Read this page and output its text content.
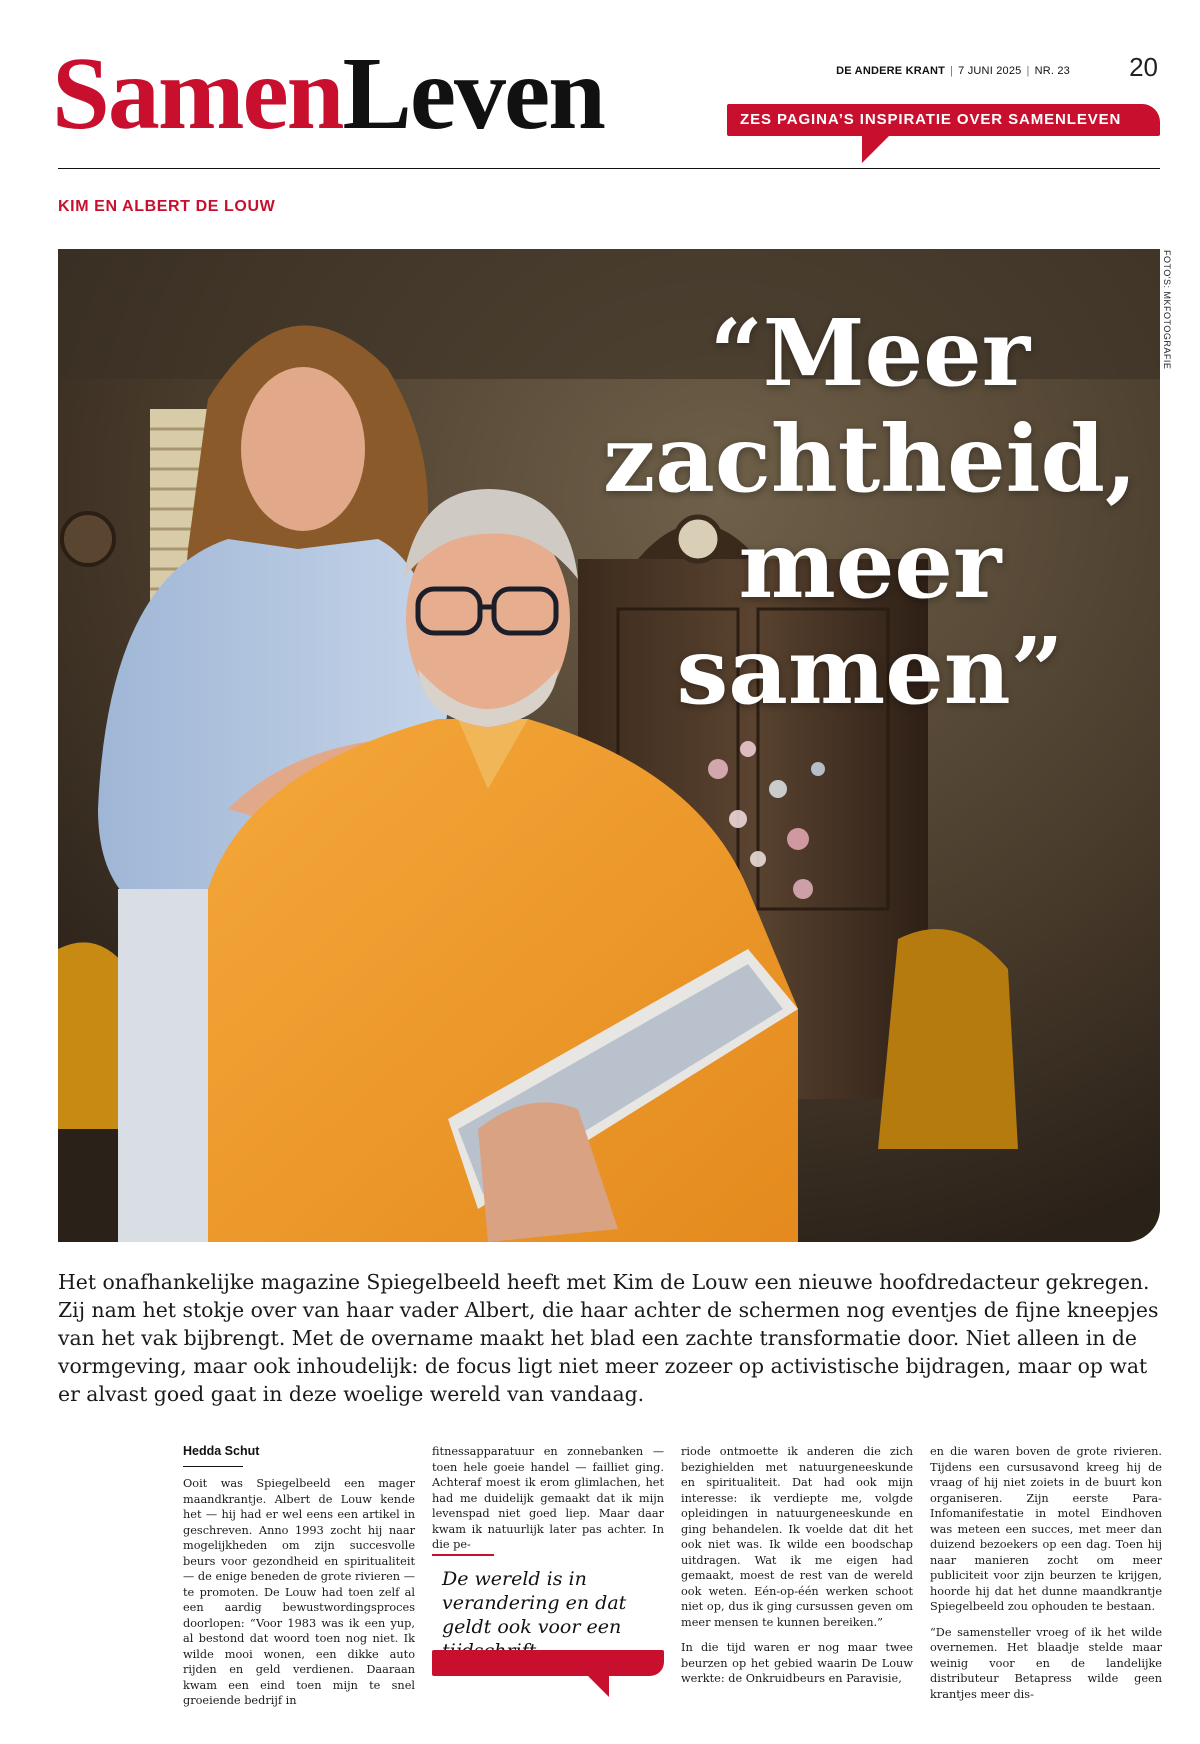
SamenLeven	DE ANDERE KRANT | 7 JUNI 2025 | NR. 23 20
ZES PAGINA’S INSPIRATIE OVER SAMENLEVEN
KIM EN ALBERT DE LOUW
FOTO'S: MKFOTOGRAFIE
“Meer
zachtheid,
meer
samen”

Het onafhankelijke magazine Spiegelbeeld heeft met Kim de Louw een nieuwe hoofdredacteur gekregen. Zij nam het stokje over van haar vader Albert, die haar achter de schermen nog eventjes de fijne kneepjes van het vak bijbrengt. Met de overname maakt het blad een zachte transformatie door. Niet alleen in de vormgeving, maar ook inhoudelijk: de focus ligt niet meer zozeer op activistische bijdragen, maar op wat er alvast goed gaat in deze woelige wereld van vandaag.

Hedda Schut

Ooit was Spiegelbeeld een mager maandkrantje. Albert de Louw kende het — hij had er wel eens een artikel in geschreven. Anno 1993 zocht hij naar mogelijkheden om zijn succesvolle beurs voor gezondheid en spiritualiteit — de enige beneden de grote rivieren — te promoten. De Louw had toen zelf al een aardig bewustwordingsproces doorlopen: “Voor 1983 was ik een yup, al bestond dat woord toen nog niet. Ik wilde mooi wonen, een dikke auto rijden en geld verdienen. Daaraan kwam een eind toen mijn te snel groeiende bedrijf in

fitnessapparatuur en zonnebanken — toen hele goeie handel — failliet ging. Achteraf moest ik erom glimlachen, het had me duidelijk gemaakt dat ik mijn levenspad niet goed liep. Maar daar kwam ik natuurlijk later pas achter. In die pe-

De wereld is in verandering en dat geldt ook voor een

riode ontmoette ik anderen die zich bezighielden met natuurgeneeskunde en spiritualiteit. Dat had ook mijn interesse: ik verdiepte me, volgde opleidingen in natuurgeneeskunde en ging behandelen. Ik voelde dat dit het ook niet was. Ik wilde een boodschap uitdragen. Wat ik me eigen had gemaakt, moest de rest van de wereld ook weten. Eén-op-één werken schoot niet op, dus ik ging cursussen geven om meer mensen te kunnen bereiken.”

In die tijd waren er nog maar twee beurzen op het gebied waarin De Louw werkte: de Onkruidbeurs en Paravisie,

en die waren boven de grote rivieren. Tijdens een cursusavond kreeg hij de vraag of hij niet zoiets in de buurt kon organiseren. Zijn eerste Para-Infomanifestatie in motel Eindhoven was meteen een succes, met meer dan duizend bezoekers op een dag. Toen hij naar manieren zocht om meer publiciteit voor zijn beurzen te krijgen, hoorde hij dat het dunne maandkrantje Spiegelbeeld zou ophouden te bestaan.

“De samensteller vroeg of ik het wilde overnemen. Het blaadje stelde maar weinig voor en de landelijke distributeur Betapress wilde geen krantjes meer dis-
